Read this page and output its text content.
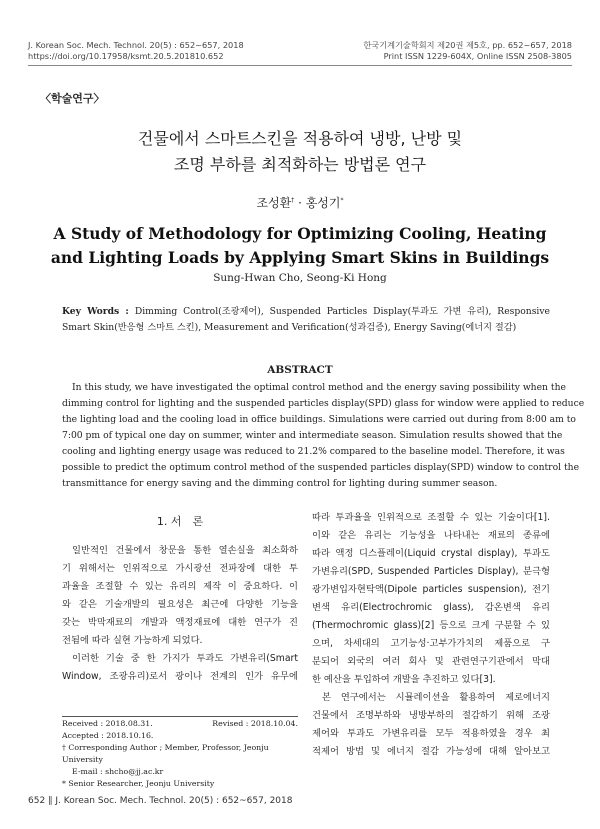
J. Korean Soc. Mech. Technol. 20(5) : 652~657, 2018
https://doi.org/10.17958/ksmt.20.5.201810.652
한국기계기술학회지 제20권 제5호, pp. 652~657, 2018
Print ISSN 1229-604X, Online ISSN 2508-3805
〈학술연구〉
건물에서 스마트스킨을 적용하여 냉방, 난방 및
조명 부하를 최적화하는 방법론 연구
조성환† · 홍성기*
A Study of Methodology for Optimizing Cooling, Heating
and Lighting Loads by Applying Smart Skins in Buildings
Sung-Hwan Cho, Seong-Ki Hong
Key Words : Dimming Control(조광제어), Suspended Particles Display(투과도 가변 유리), Responsive Smart Skin(반응형 스마트 스킨), Measurement and Verification(성과검증), Energy Saving(에너지 절감)
ABSTRACT
In this study, we have investigated the optimal control method and the energy saving possibility when the
dimming control for lighting and the suspended particles display(SPD) glass for window were applied to reduce
the lighting load and the cooling load in office buildings. Simulations were carried out during from 8:00 am to
7:00 pm of typical one day on summer, winter and intermediate season. Simulation results showed that the
cooling and lighting energy usage was reduced to 21.2% compared to the baseline model. Therefore, it was
possible to predict the optimum control method of the suspended particles display(SPD) window to control the
transmittance for energy saving and the dimming control for lighting during summer season.
1. 서　론
일반적인 건물에서 창문을 통한 열손실을 최소화하
기 위해서는 인위적으로 가시광선 전파장에 대한 투
과율을 조절할 수 있는 유리의 제작 이 중요하다. 이
와 같은 기술개발의 필요성은 최근에 다양한 기능을
갖는 박막재료의 개발과 액정재료에 대한 연구가 진
전됨에 따라 실현 가능하게 되었다.
이러한 기술 중 한 가지가 투과도 가변유리(Smart
Window, 조광유리)로서 광이나 전계의 인가 유무에
따라 투과율을 인위적으로 조절할 수 있는 기술이다[1].
이와 같은 유리는 기능성을 나타내는 재료의 종류에
따라 액정 디스플레이(Liquid crystal display), 투과도
가변유리(SPD, Suspended Particles Display), 분극형
광가변입자현탁액(Dipole particles suspension), 전기
변색 유리(Electrochromic glass), 감온변색 유리
(Thermochromic glass)[2] 등으로 크게 구분할 수 있
으며, 차세대의 고기능성·고부가가치의 제품으로 구
분되어 외국의 여러 회사 및 관련연구기관에서 막대
한 예산을 투입하여 개발을 추진하고 있다[3].
본 연구에서는 시뮬레이션을 활용하여 제로에너지
건물에서 조명부하와 냉방부하의 절감하기 위해 조광
제어와 투과도 가변유리를 모두 적용하였을 경우 최
적제어 방법 및 에너지 절감 가능성에 대해 알아보고
Received : 2018.08.31.	Revised : 2018.10.04.
Accepted : 2018.10.16.
† Corresponding Author ; Member, Professor, Jeonju University
E-mail : shcho@jj.ac.kr
* Senior Researcher, Jeonju University
652 ∥ J. Korean Soc. Mech. Technol. 20(5) : 652~657, 2018
